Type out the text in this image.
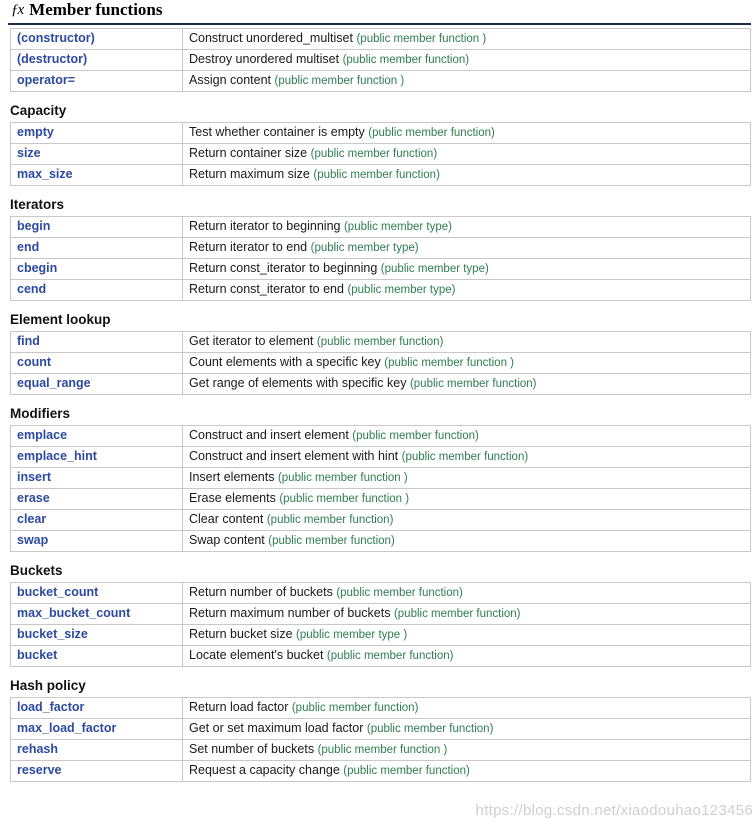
ƒx Member functions
(constructor)	Construct unordered_multiset (public member function )
(destructor)	Destroy unordered multiset (public member function)
operator=	Assign content (public member function )
Capacity
empty	Test whether container is empty (public member function)
size	Return container size (public member function)
max_size	Return maximum size (public member function)
Iterators
begin	Return iterator to beginning (public member type)
end	Return iterator to end (public member type)
cbegin	Return const_iterator to beginning (public member type)
cend	Return const_iterator to end (public member type)
Element lookup
find	Get iterator to element (public member function)
count	Count elements with a specific key (public member function )
equal_range	Get range of elements with specific key (public member function)
Modifiers
emplace	Construct and insert element (public member function)
emplace_hint	Construct and insert element with hint (public member function)
insert	Insert elements (public member function )
erase	Erase elements (public member function )
clear	Clear content (public member function)
swap	Swap content (public member function)
Buckets
bucket_count	Return number of buckets (public member function)
max_bucket_count	Return maximum number of buckets (public member function)
bucket_size	Return bucket size (public member type )
bucket	Locate element's bucket (public member function)
Hash policy
load_factor	Return load factor (public member function)
max_load_factor	Get or set maximum load factor (public member function)
rehash	Set number of buckets (public member function )
reserve	Request a capacity change (public member function)
https://blog.csdn.net/xiaodouhao123456
